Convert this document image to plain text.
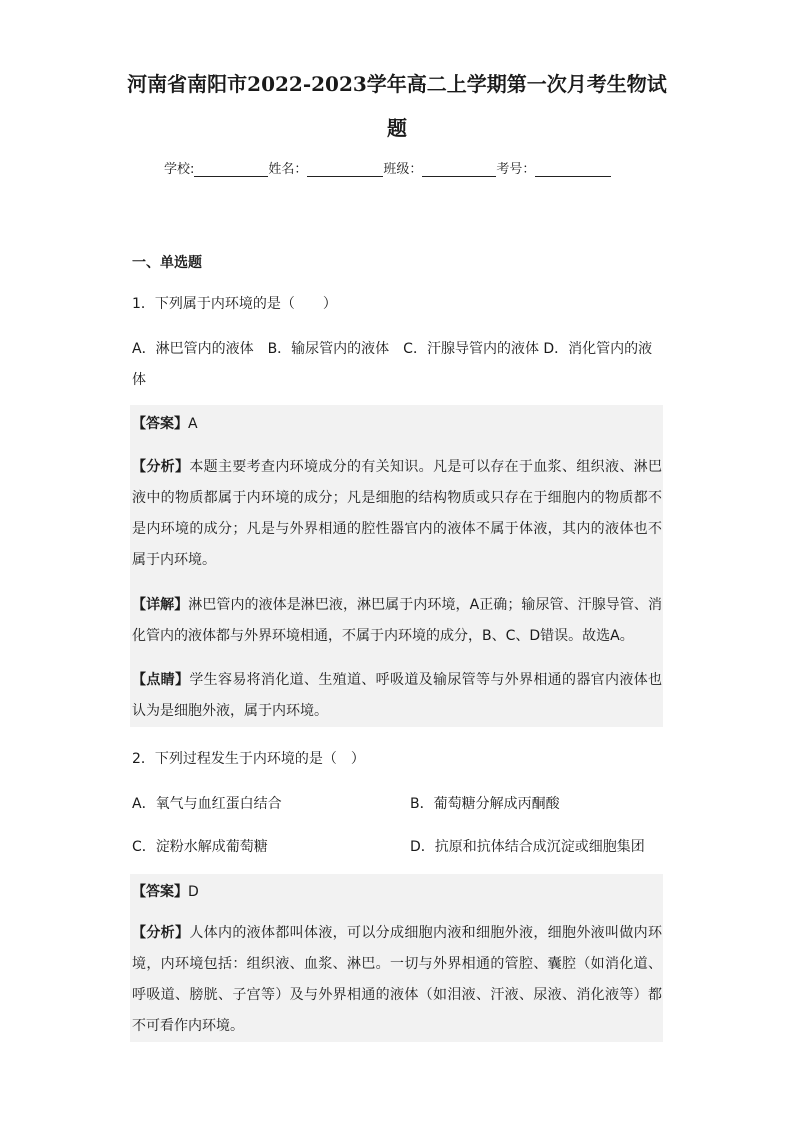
河南省南阳市2022-2023学年高二上学期第一次月考生物试
题
学校:	姓名：	班级：	考号：
一、单选题
1．下列属于内环境的是（　　）
A．淋巴管内的液体　B．输尿管内的液体　C．汗腺导管内的液体 D．消化管内的液
体
【答案】A
【分析】本题主要考查内环境成分的有关知识。凡是可以存在于血浆、组织液、淋巴液中的物质都属于内环境的成分；凡是细胞的结构物质或只存在于细胞内的物质都不是内环境的成分；凡是与外界相通的腔性器官内的液体不属于体液，其内的液体也不属于内环境。
【详解】淋巴管内的液体是淋巴液，淋巴属于内环境，A正确；输尿管、汗腺导管、消化管内的液体都与外界环境相通，不属于内环境的成分，B、C、D错误。故选A。
【点睛】学生容易将消化道、生殖道、呼吸道及输尿管等与外界相通的器官内液体也认为是细胞外液，属于内环境。
2．下列过程发生于内环境的是（　）
A．氧气与血红蛋白结合	B．葡萄糖分解成丙酮酸
C．淀粉水解成葡萄糖	D．抗原和抗体结合成沉淀或细胞集团
【答案】D
【分析】人体内的液体都叫体液，可以分成细胞内液和细胞外液，细胞外液叫做内环境，内环境包括：组织液、血浆、淋巴。一切与外界相通的管腔、囊腔（如消化道、呼吸道、膀胱、子宫等）及与外界相通的液体（如泪液、汗液、尿液、消化液等）都不可看作内环境。
